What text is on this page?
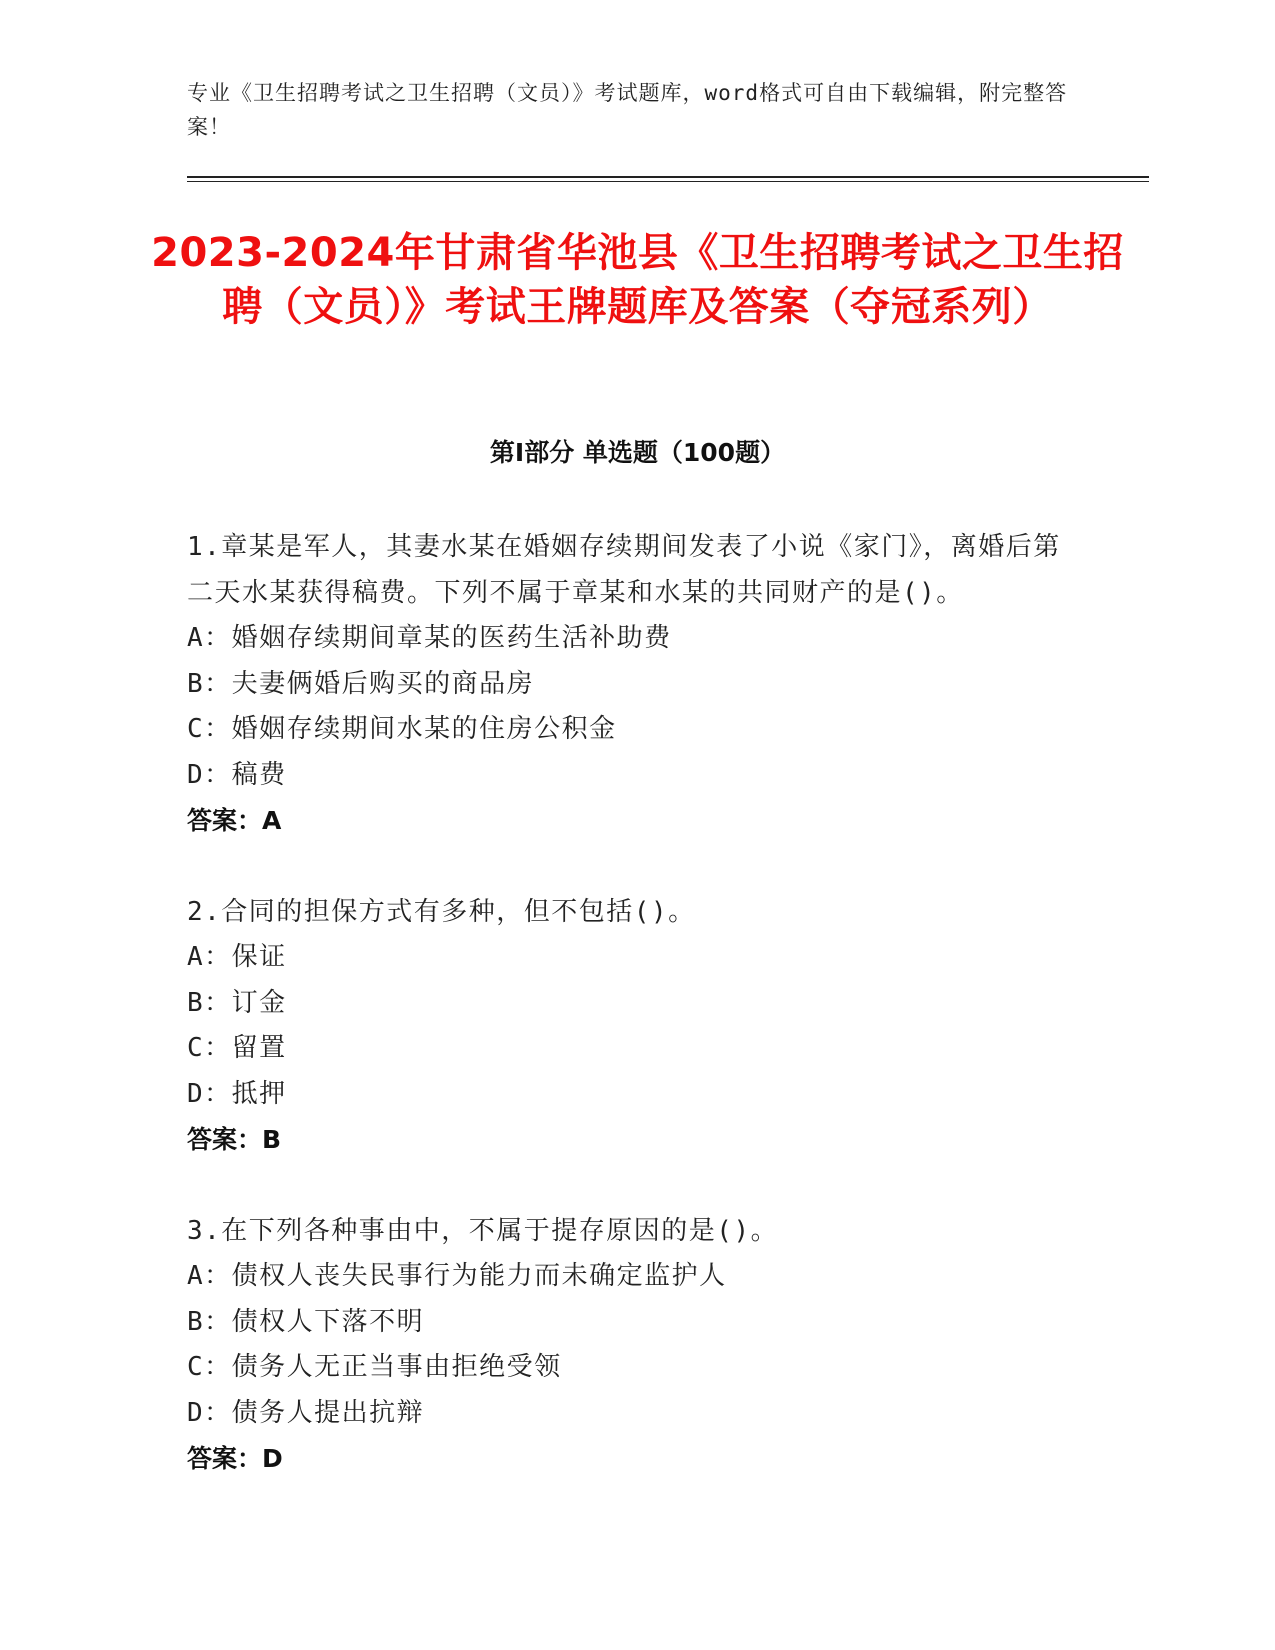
专业《卫生招聘考试之卫生招聘（文员）》考试题库，word格式可自由下载编辑，附完整答案！
2023-2024年甘肃省华池县《卫生招聘考试之卫生招聘（文员）》考试王牌题库及答案（夺冠系列）
第I部分 单选题（100题）
1.章某是军人，其妻水某在婚姻存续期间发表了小说《家门》，离婚后第二天水某获得稿费。下列不属于章某和水某的共同财产的是()。
A：婚姻存续期间章某的医药生活补助费
B：夫妻俩婚后购买的商品房
C：婚姻存续期间水某的住房公积金
D：稿费
答案：A
2.合同的担保方式有多种，但不包括()。
A：保证
B：订金
C：留置
D：抵押
答案：B
3.在下列各种事由中，不属于提存原因的是()。
A：债权人丧失民事行为能力而未确定监护人
B：债权人下落不明
C：债务人无正当事由拒绝受领
D：债务人提出抗辩
答案：D
